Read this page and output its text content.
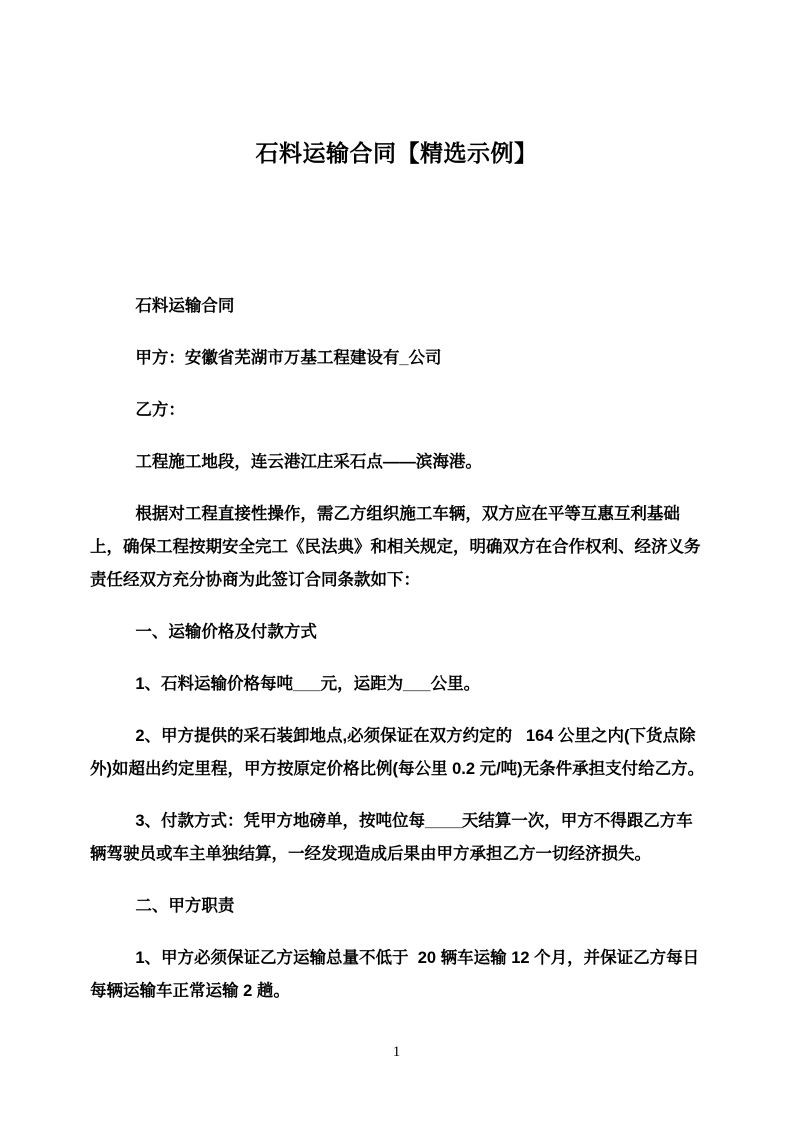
石料运输合同【精选示例】

石料运输合同

甲方：安徽省芜湖市万基工程建设有_公司

乙方：

工程施工地段，连云港江庄采石点——滨海港。

根据对工程直接性操作，需乙方组织施工车辆，双方应在平等互惠互利基础上，确保工程按期安全完工《民法典》和相关规定，明确双方在合作权利、经济义务责任经双方充分协商为此签订合同条款如下：

一、运输价格及付款方式

1、石料运输价格每吨___元，运距为___公里。

2、甲方提供的采石装卸地点,必须保证在双方约定的   164 公里之内(下货点除外)如超出约定里程，甲方按原定价格比例(每公里 0.2 元/吨)无条件承担支付给乙方。

3、付款方式：凭甲方地磅单，按吨位每____天结算一次，甲方不得跟乙方车辆驾驶员或车主单独结算，一经发现造成后果由甲方承担乙方一切经济损失。

二、甲方职责

1、甲方必须保证乙方运输总量不低于  20 辆车运输 12 个月，并保证乙方每日每辆运输车正常运输 2 趟。

1
